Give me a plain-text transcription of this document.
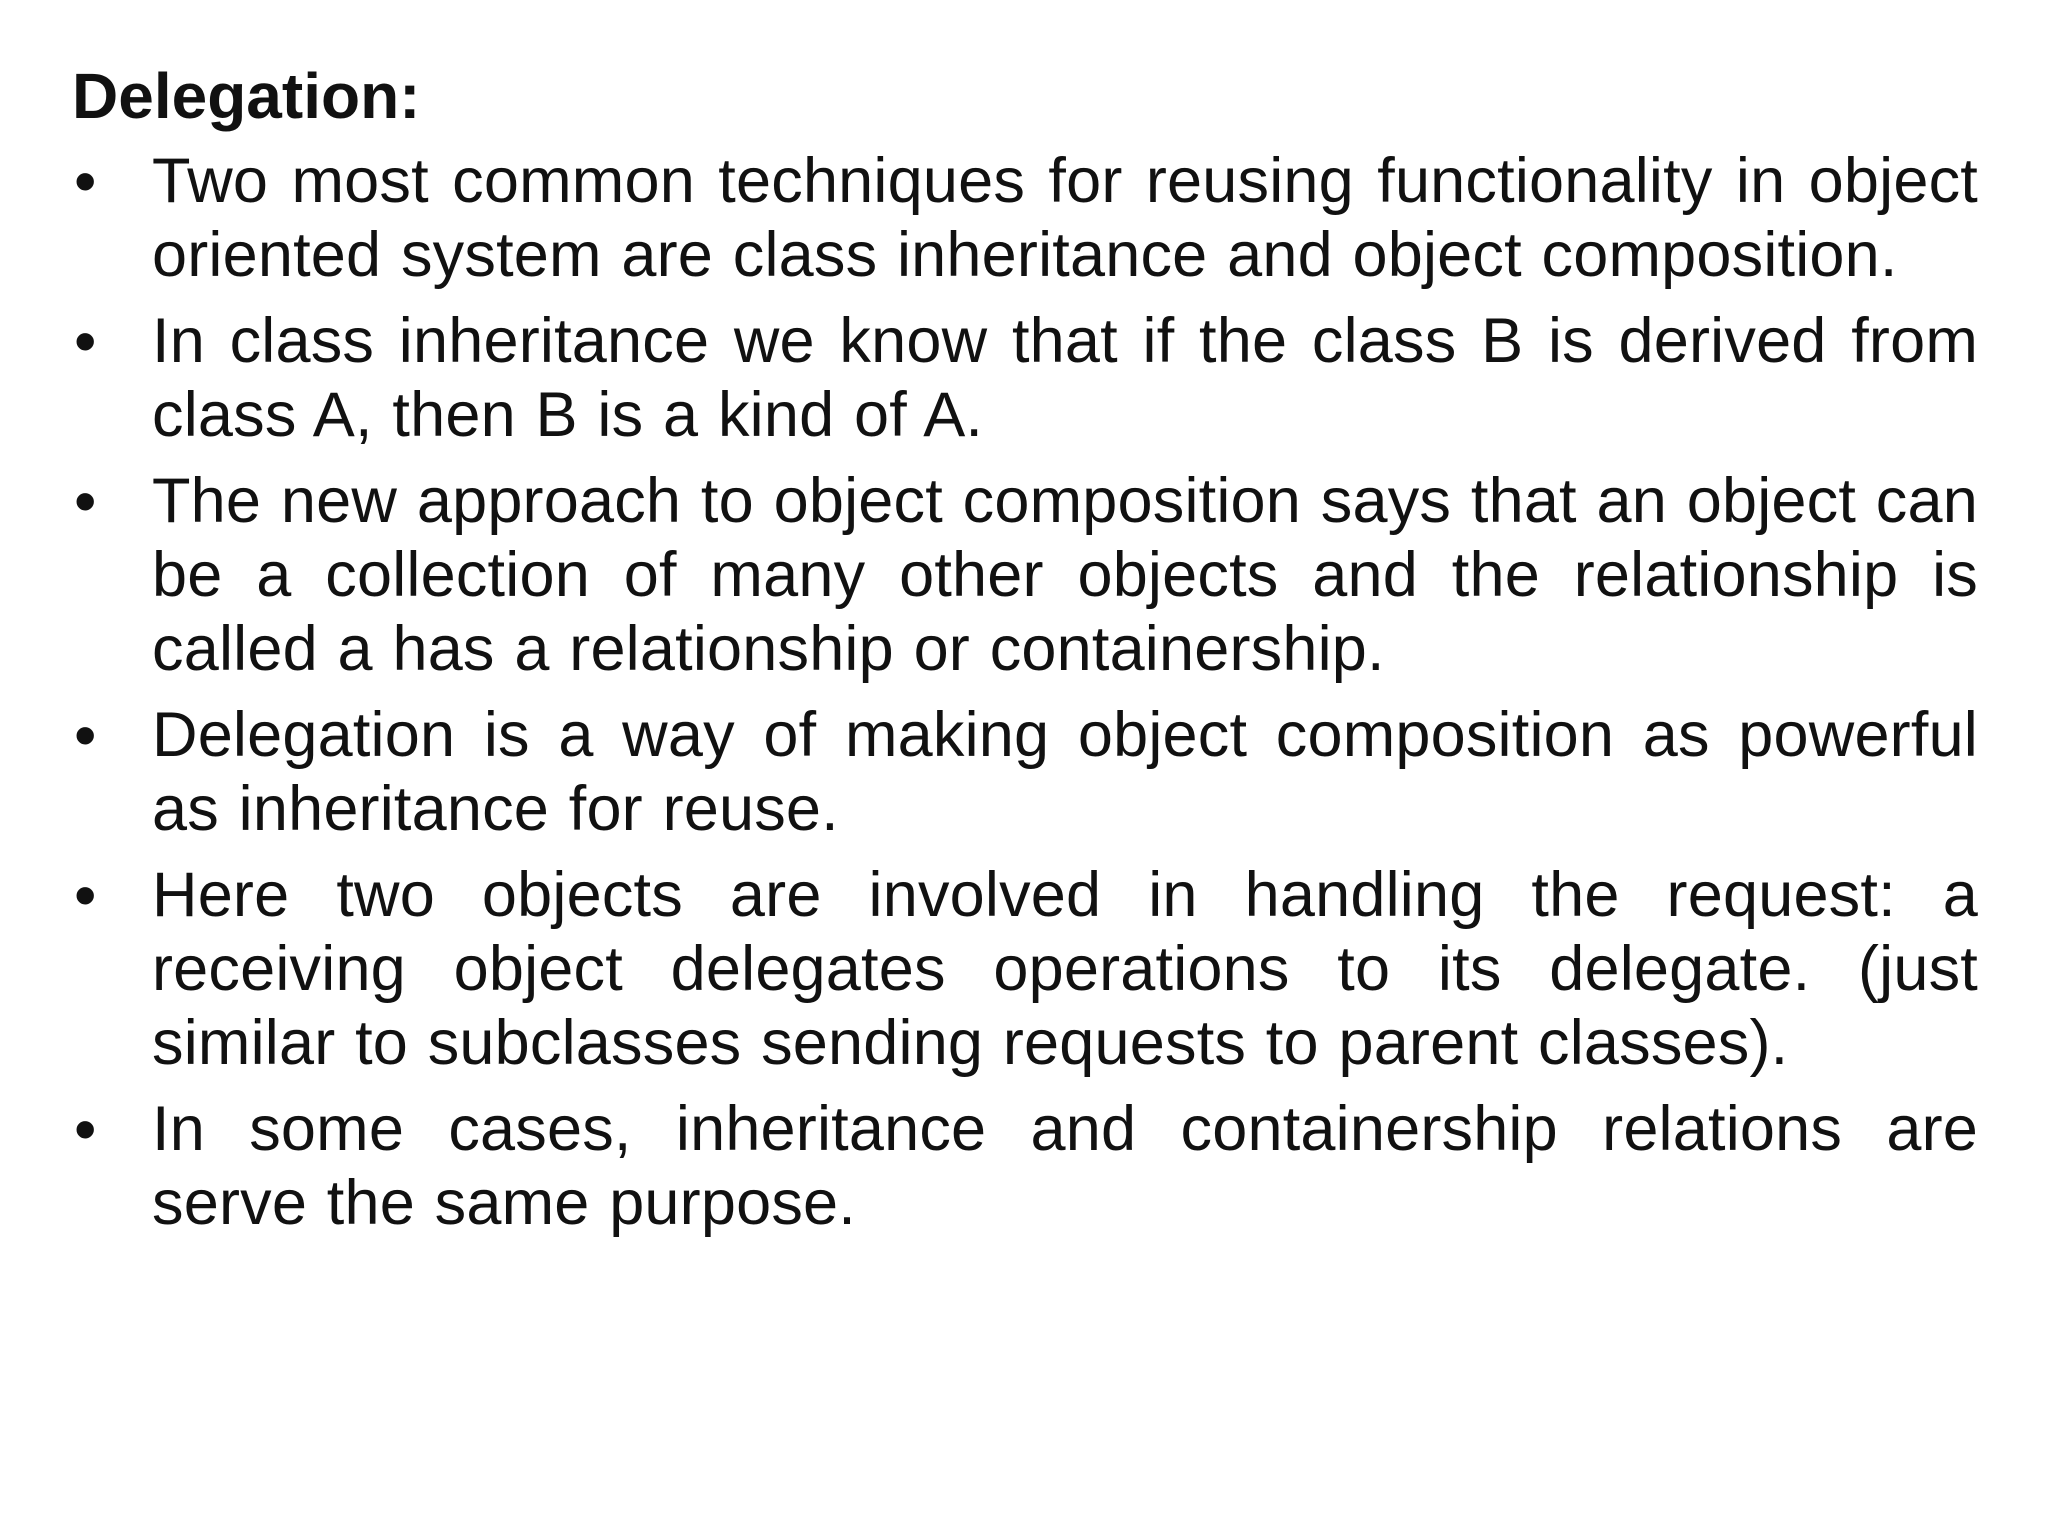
Delegation:
• Two most common techniques for reusing functionality in object oriented system are class inheritance and object composition.
• In class inheritance we know that if the class B is derived from class A, then B is a kind of A.
• The new approach to object composition says that an object can be a collection of many other objects and the relationship is called a has a relationship or containership.
• Delegation is a way of making object composition as powerful as inheritance for reuse.
• Here two objects are involved in handling the request: a receiving object delegates operations to its delegate. (just similar to subclasses sending requests to parent classes).
• In some cases, inheritance and containership relations are serve the same purpose.
